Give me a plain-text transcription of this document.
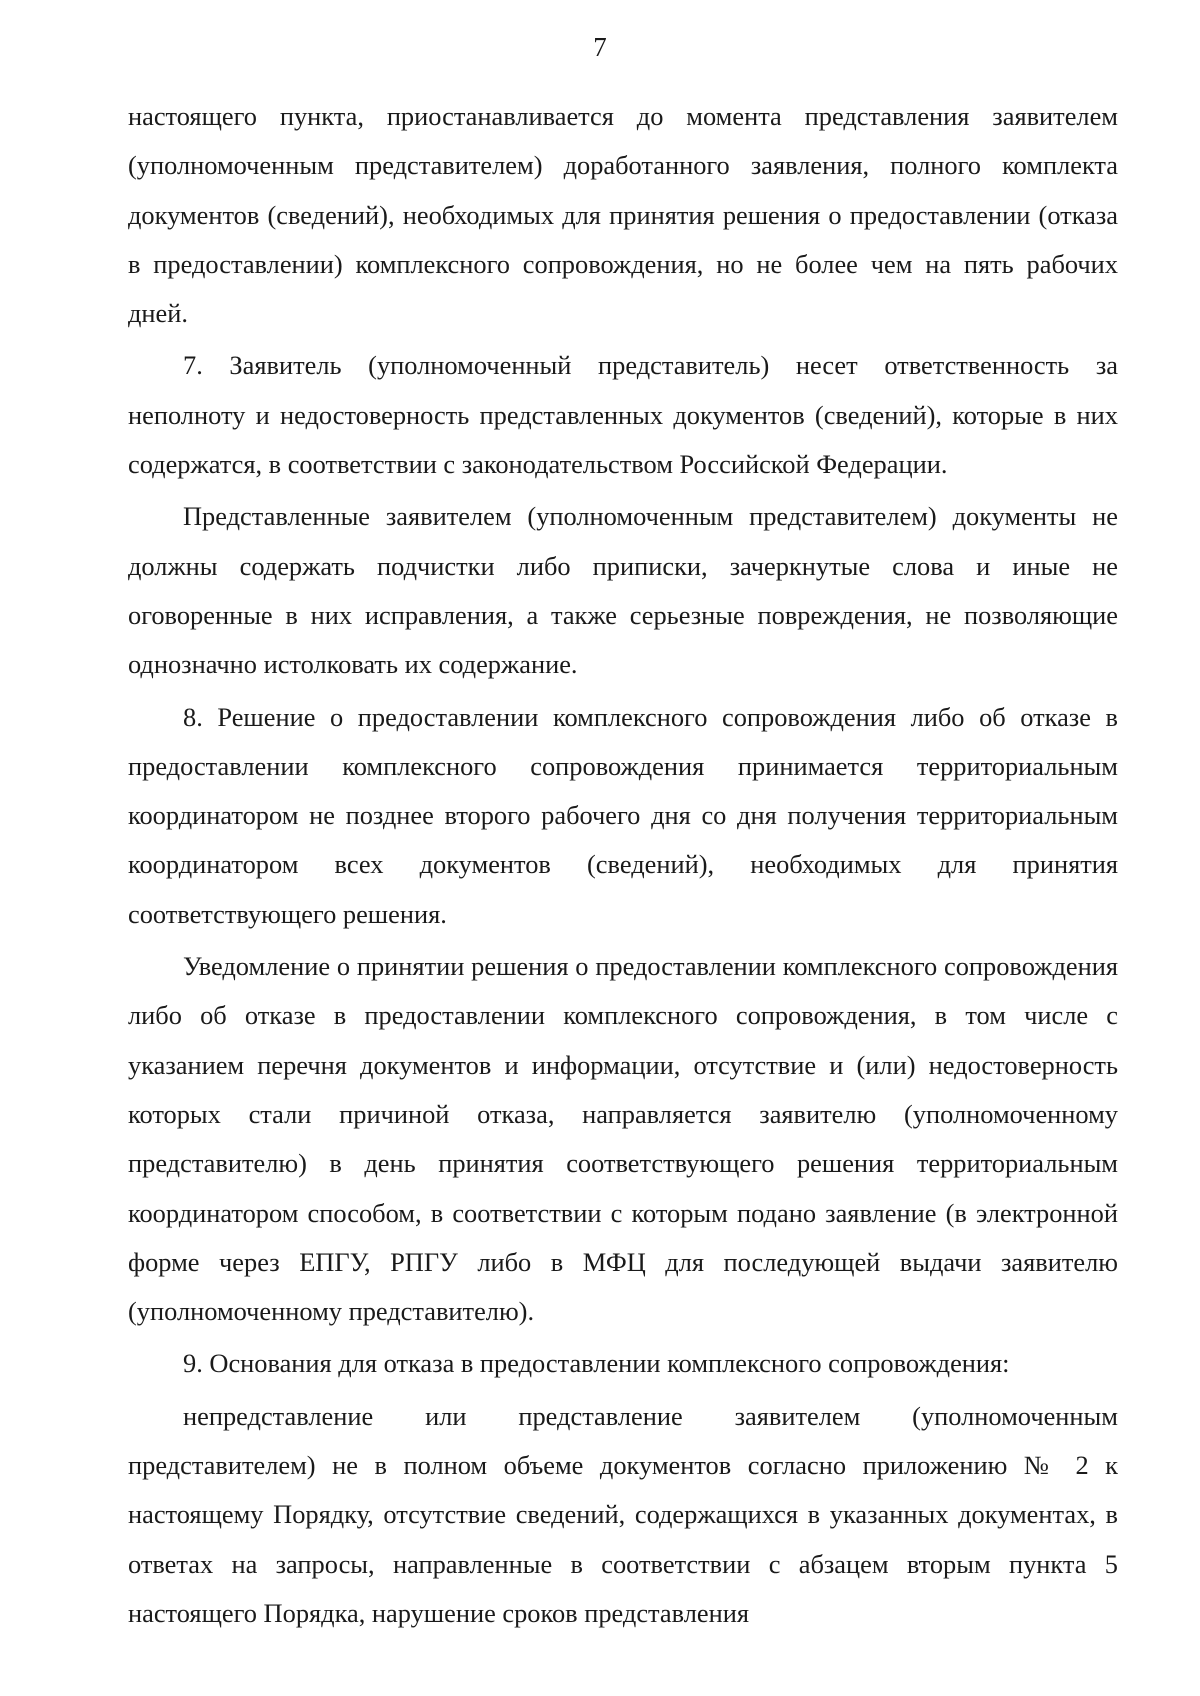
7

настоящего пункта, приостанавливается до момента представления заявителем (уполномоченным представителем) доработанного заявления, полного комплекта документов (сведений), необходимых для принятия решения о предоставлении (отказа в предоставлении) комплексного сопровождения, но не более чем на пять рабочих дней.

7. Заявитель (уполномоченный представитель) несет ответственность за неполноту и недостоверность представленных документов (сведений), которые в них содержатся, в соответствии с законодательством Российской Федерации.

Представленные заявителем (уполномоченным представителем) документы не должны содержать подчистки либо приписки, зачеркнутые слова и иные не оговоренные в них исправления, а также серьезные повреждения, не позволяющие однозначно истолковать их содержание.

8. Решение о предоставлении комплексного сопровождения либо об отказе в предоставлении комплексного сопровождения принимается территориальным координатором не позднее второго рабочего дня со дня получения территориальным координатором всех документов (сведений), необходимых для принятия соответствующего решения.

Уведомление о принятии решения о предоставлении комплексного сопровождения либо об отказе в предоставлении комплексного сопровождения, в том числе с указанием перечня документов и информации, отсутствие и (или) недостоверность которых стали причиной отказа, направляется заявителю (уполномоченному представителю) в день принятия соответствующего решения территориальным координатором способом, в соответствии с которым подано заявление (в электронной форме через ЕПГУ, РПГУ либо в МФЦ для последующей выдачи заявителю (уполномоченному представителю).

9. Основания для отказа в предоставлении комплексного сопровождения:

непредставление или представление заявителем (уполномоченным представителем) не в полном объеме документов согласно приложению № 2 к настоящему Порядку, отсутствие сведений, содержащихся в указанных документах, в ответах на запросы, направленные в соответствии с абзацем вторым пункта 5 настоящего Порядка, нарушение сроков представления
